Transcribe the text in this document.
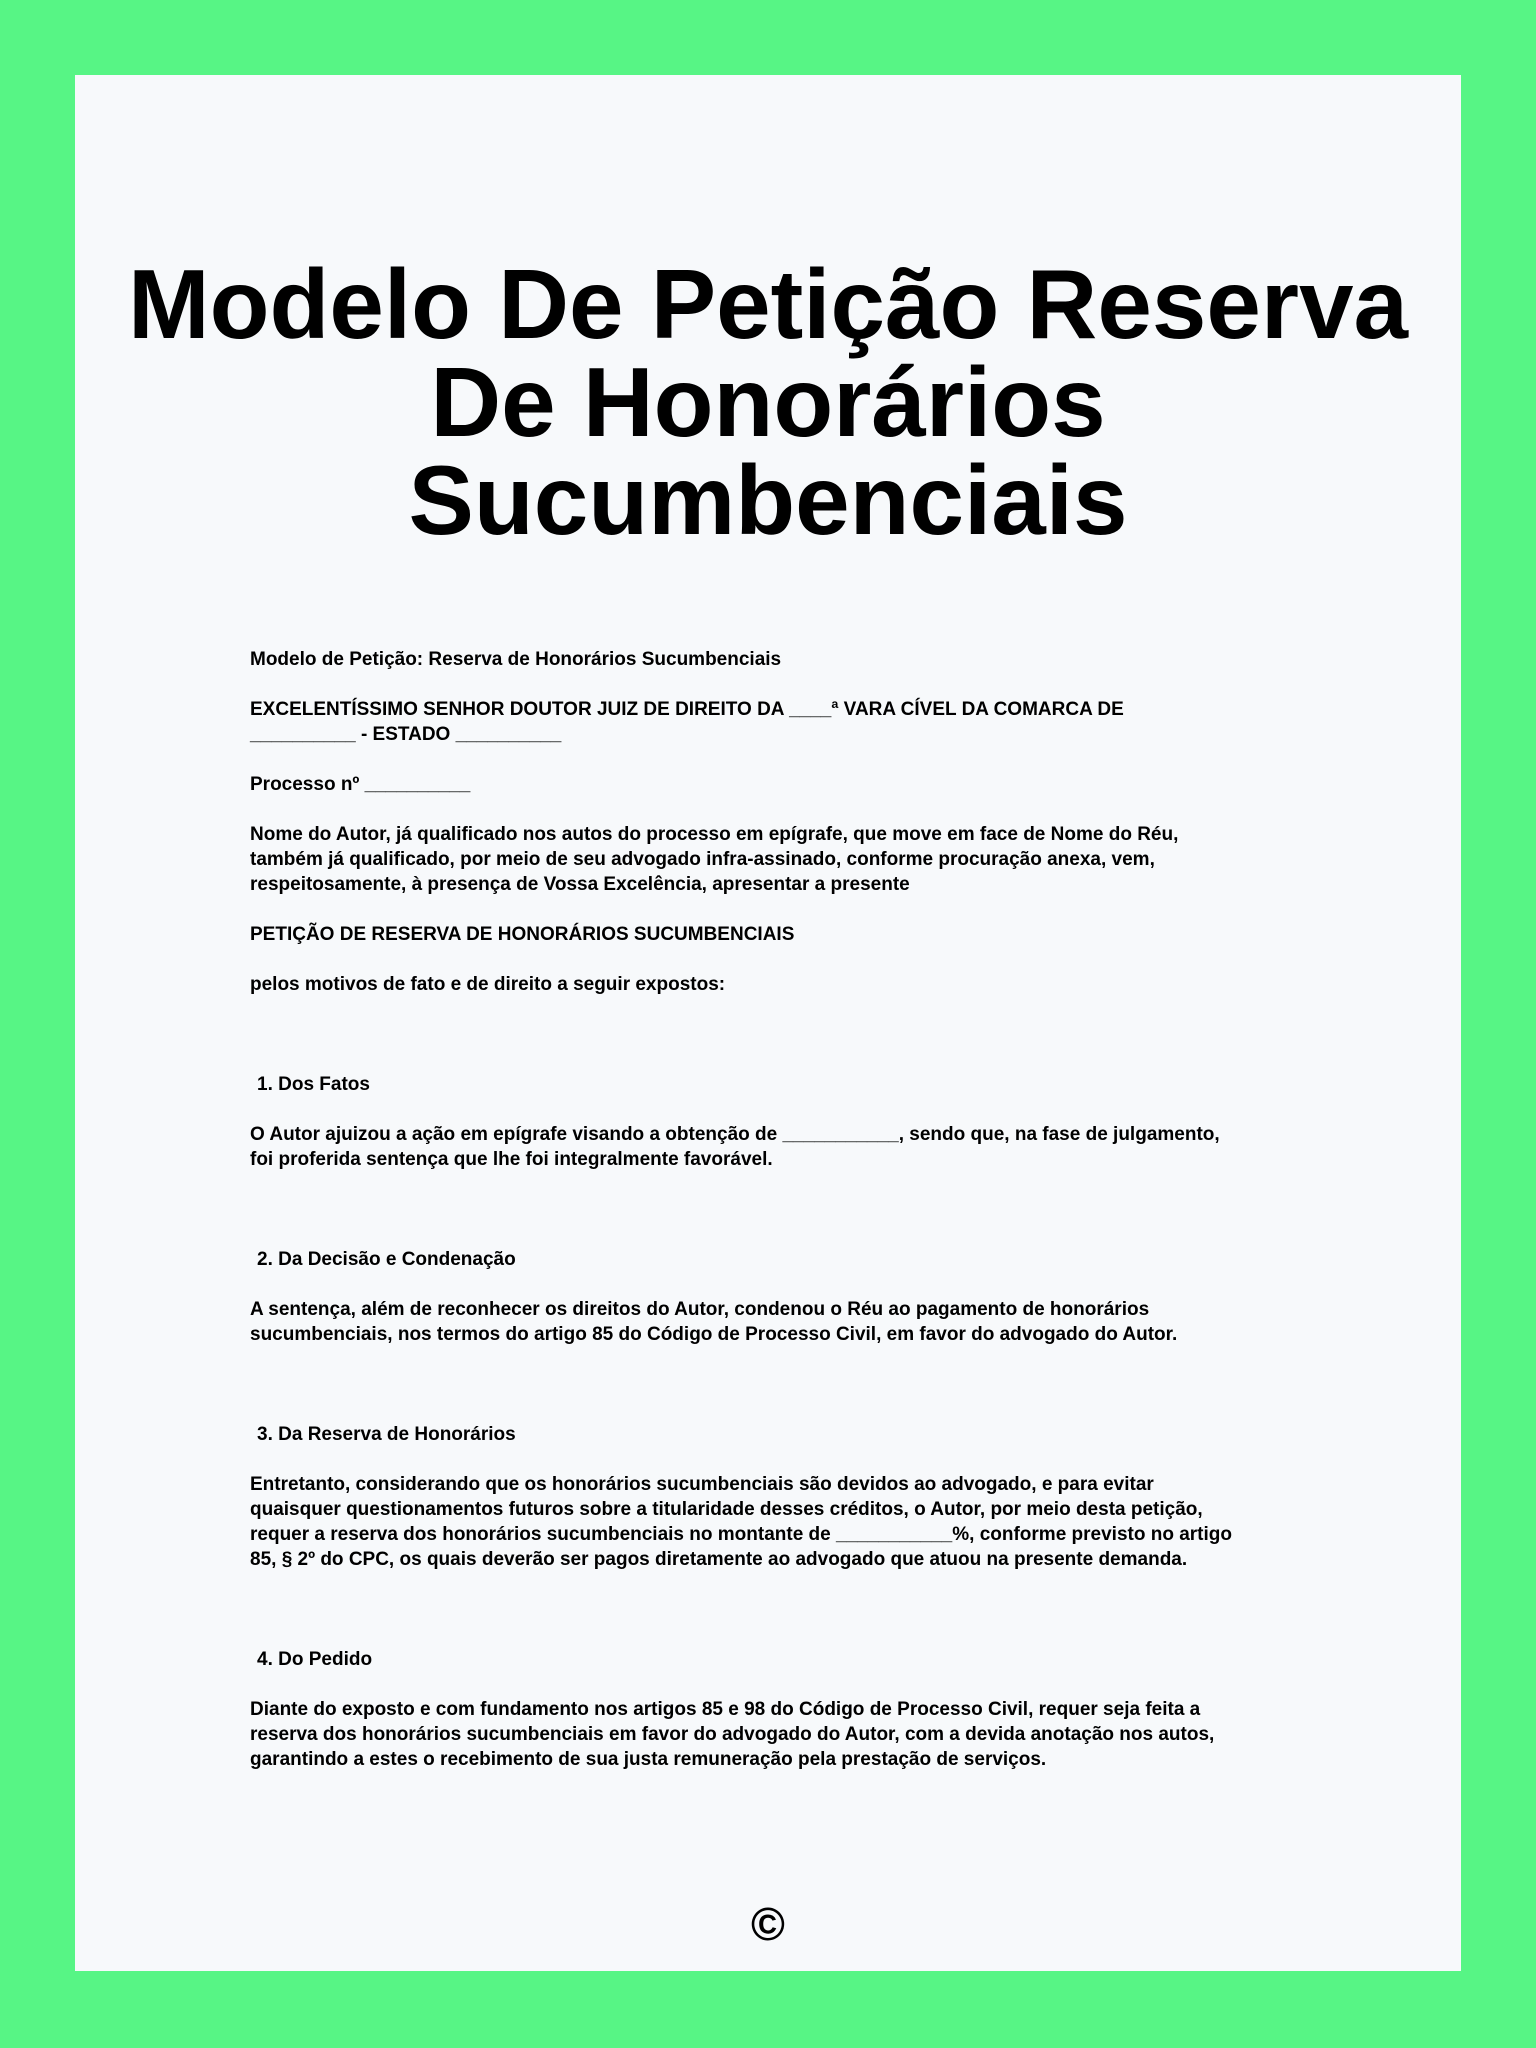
Modelo De Petição Reserva
De Honorários
Sucumbenciais

Modelo de Petição: Reserva de Honorários Sucumbenciais

EXCELENTÍSSIMO SENHOR DOUTOR JUIZ DE DIREITO DA ____ª VARA CÍVEL DA COMARCA DE

__________ - ESTADO __________

Processo nº __________

Nome do Autor, já qualificado nos autos do processo em epígrafe, que move em face de Nome do Réu,

também já qualificado, por meio de seu advogado infra-assinado, conforme procuração anexa, vem,

respeitosamente, à presença de Vossa Excelência, apresentar a presente

PETIÇÃO DE RESERVA DE HONORÁRIOS SUCUMBENCIAIS

pelos motivos de fato e de direito a seguir expostos:

1. Dos Fatos

O Autor ajuizou a ação em epígrafe visando a obtenção de ___________, sendo que, na fase de julgamento,

foi proferida sentença que lhe foi integralmente favorável.

2. Da Decisão e Condenação

A sentença, além de reconhecer os direitos do Autor, condenou o Réu ao pagamento de honorários

sucumbenciais, nos termos do artigo 85 do Código de Processo Civil, em favor do advogado do Autor.

3. Da Reserva de Honorários

Entretanto, considerando que os honorários sucumbenciais são devidos ao advogado, e para evitar

quaisquer questionamentos futuros sobre a titularidade desses créditos, o Autor, por meio desta petição,

requer a reserva dos honorários sucumbenciais no montante de ___________%, conforme previsto no artigo

85, § 2º do CPC, os quais deverão ser pagos diretamente ao advogado que atuou na presente demanda.

4. Do Pedido

Diante do exposto e com fundamento nos artigos 85 e 98 do Código de Processo Civil, requer seja feita a

reserva dos honorários sucumbenciais em favor do advogado do Autor, com a devida anotação nos autos,

garantindo a estes o recebimento de sua justa remuneração pela prestação de serviços.

©
